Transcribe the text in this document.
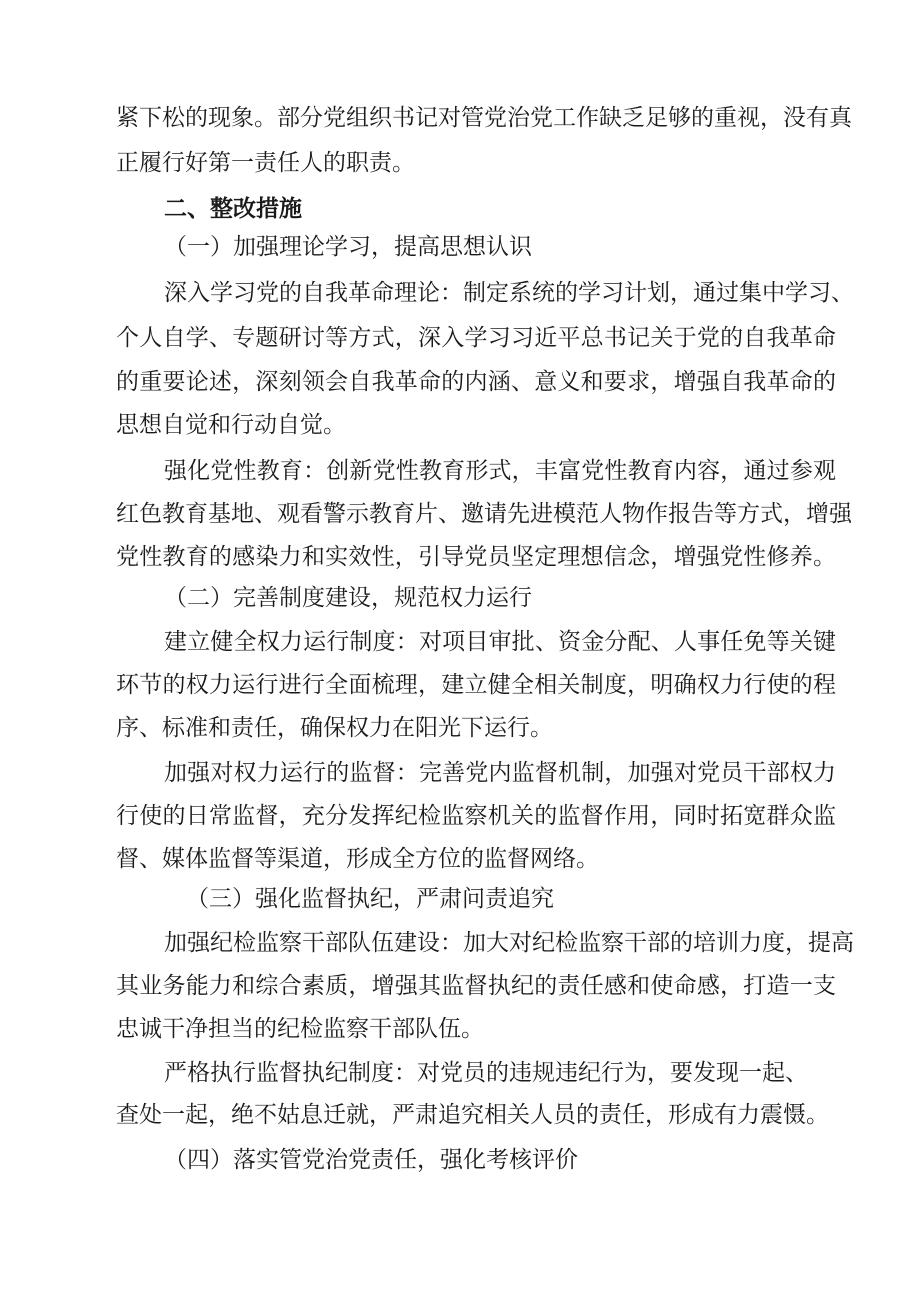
紧下松的现象。部分党组织书记对管党治党工作缺乏足够的重视，没有真
正履行好第一责任人的职责。
二、整改措施
（一）加强理论学习，提高思想认识
深入学习党的自我革命理论：制定系统的学习计划，通过集中学习、
个人自学、专题研讨等方式，深入学习习近平总书记关于党的自我革命
的重要论述，深刻领会自我革命的内涵、意义和要求，增强自我革命的
思想自觉和行动自觉。
强化党性教育：创新党性教育形式，丰富党性教育内容，通过参观
红色教育基地、观看警示教育片、邀请先进模范人物作报告等方式，增强
党性教育的感染力和实效性，引导党员坚定理想信念，增强党性修养。
（二）完善制度建设，规范权力运行
建立健全权力运行制度：对项目审批、资金分配、人事任免等关键
环节的权力运行进行全面梳理，建立健全相关制度，明确权力行使的程
序、标准和责任，确保权力在阳光下运行。
加强对权力运行的监督：完善党内监督机制，加强对党员干部权力
行使的日常监督，充分发挥纪检监察机关的监督作用，同时拓宽群众监
督、媒体监督等渠道，形成全方位的监督网络。
（三）强化监督执纪，严肃问责追究
加强纪检监察干部队伍建设：加大对纪检监察干部的培训力度，提高
其业务能力和综合素质，增强其监督执纪的责任感和使命感，打造一支
忠诚干净担当的纪检监察干部队伍。
严格执行监督执纪制度：对党员的违规违纪行为，要发现一起、
查处一起，绝不姑息迁就，严肃追究相关人员的责任，形成有力震慑。
（四）落实管党治党责任，强化考核评价
